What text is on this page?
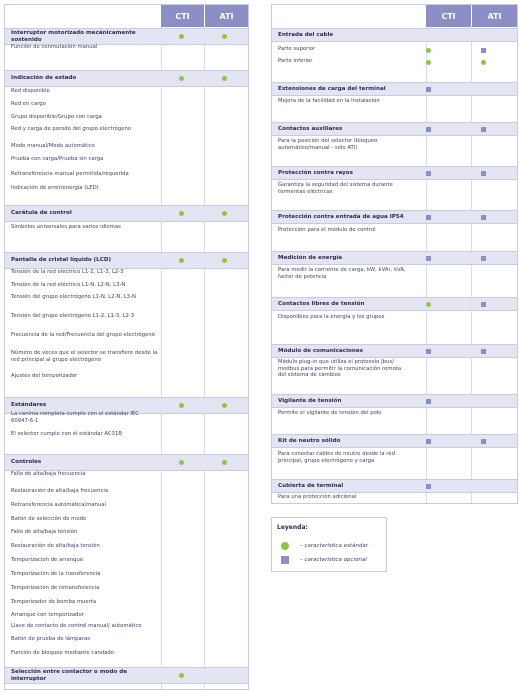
CTI	ATI
Interruptor motorizado mecánicamente sostenido
Función de conmutación manual
Indicación de estado
Red disponible
Red en cargo
Grupo disponible/Grupo con carga
Red y carga de porodo del grupo electrógeno
Modo manual/Modo automático
Prueba con carga/Prueba sin carga
Retransferencia manual permitida/requerida
Indicación de error/energía (LED)
Carátula de control
Símbolos universales para varios idiomas
Pantalla de cristal líquido (LCD)
Tensión de la red eléctrico L1-2, L1-3, L2-3
Tensión de la red eléctrico L1-N, L2-N, L3-N
Tensión del grupo electrógeno L1-N, L2-N, L3-N
Tensión del grupo electrógeno L1-2, L1-3, L2-3
Frecuencia de la red/Frecuencia del grupo electrógeno
Número de veces que el selector se transfiere desde la red principal al grupo electrógeno
Ajustes del temporizador
Estándares
La canima completa cumple con el estándar IEC 60947-6-1
El selector cumple con el estándar AC31B
Controles
Fallo de alta/baja frecuencia
Restauración de alta/baja frecuencia
Retransferencia automática/manual
Batón de selección de modo
Fallo de alta/baja tensión
Restauración de alta/baja tensión
Temporización de arranque
Temporización de la transferencia
Temporización de retransferencia
Temporizador de bomba muerta
Arranque con temporizador
Llave de contacto de control manual/ automático
Batón de prueba de lámparas
Función de bloqueo mediante candado
Selección entre contactor o modo de interruptor
CTI	ATI
Entrada del cable
Parte superior
Parte inferior
Extensiones de carga del terminal
Mejora de la facilidad en la instalación
Contactos auxiliares
Para la posición del selector (bloqueo automático/manual - sólo ATI)
Protección contra rayos
Garantiza la seguridad del sistema durante tormentas eléctricas
Protección contra entrada de agua IP54
Protección para el módulo de control
Medición de energía
Para medir la corriente de carga, kW, kVAr, kVA, factor de potencia
Contactos libres de tensión
Disponibles para la energía y los grupos
Módulo de comunicaciones
Módulo plug-in que utiliza el protocolo Jbus/ modbus para permitir la comunicación remota del sistema de cambios
Vigilante de tensión
Permite el vigilante de tensión del polo
Kit de neutro sólido
Para conectar cables de neutro desde la red principal, grupo electrógeno y carga
Cubierta de terminal
Para una protección adicional
Leyenda:
– característica estándar
– característica opcional
